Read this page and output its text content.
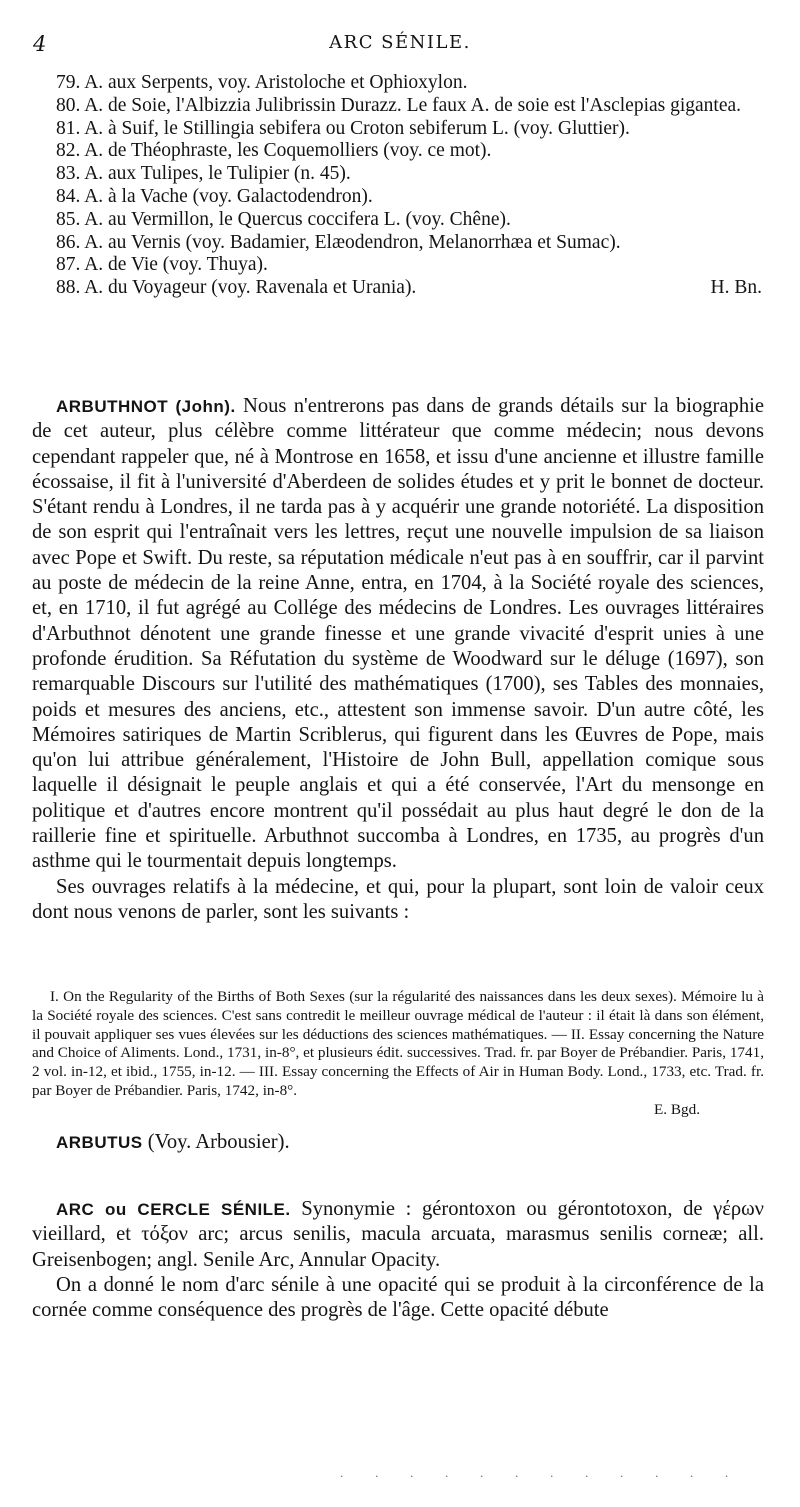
4	ARC SÉNILE.
79. A. aux Serpents, voy. Aristoloche et Ophioxylon.
80. A. de Soie, l'Albizzia Julibrissin Durazz. Le faux A. de soie est l'Asclepias gigantea.
81. A. à Suif, le Stillingia sebifera ou Croton sebiferum L. (voy. Gluttier).
82. A. de Théophraste, les Coquemolliers (voy. ce mot).
83. A. aux Tulipes, le Tulipier (n. 45).
84. A. à la Vache (voy. Galactodendron).
85. A. au Vermillon, le Quercus coccifera L. (voy. Chêne).
86. A. au Vernis (voy. Badamier, Elæodendron, Melanorrhæa et Sumac).
87. A. de Vie (voy. Thuya).
88. A. du Voyageur (voy. Ravenala et Urania).	H. Bn.

ARBUTHNOT (John). Nous n'entrerons pas dans de grands détails sur la biographie de cet auteur, plus célèbre comme littérateur que comme médecin; nous devons cependant rappeler que, né à Montrose en 1658, et issu d'une ancienne et illustre famille écossaise, il fit à l'université d'Aberdeen de solides études et y prit le bonnet de docteur. S'étant rendu à Londres, il ne tarda pas à y acquérir une grande notoriété. La disposition de son esprit qui l'entraînait vers les lettres, reçut une nouvelle impulsion de sa liaison avec Pope et Swift. Du reste, sa réputation médicale n'eut pas à en souffrir, car il parvint au poste de médecin de la reine Anne, entra, en 1704, à la Société royale des sciences, et, en 1710, il fut agrégé au Collége des médecins de Londres. Les ouvrages littéraires d'Arbuthnot dénotent une grande finesse et une grande vivacité d'esprit unies à une profonde érudition. Sa Réfutation du système de Woodward sur le déluge (1697), son remarquable Discours sur l'utilité des mathématiques (1700), ses Tables des monnaies, poids et mesures des anciens, etc., attestent son immense savoir. D'un autre côté, les Mémoires satiriques de Martin Scriblerus, qui figurent dans les Œuvres de Pope, mais qu'on lui attribue généralement, l'Histoire de John Bull, appellation comique sous laquelle il désignait le peuple anglais et qui a été conservée, l'Art du mensonge en politique et d'autres encore montrent qu'il possédait au plus haut degré le don de la raillerie fine et spirituelle. Arbuthnot succomba à Londres, en 1735, au progrès d'un asthme qui le tourmentait depuis longtemps.

Ses ouvrages relatifs à la médecine, et qui, pour la plupart, sont loin de valoir ceux dont nous venons de parler, sont les suivants :

I. On the Regularity of the Births of Both Sexes (sur la régularité des naissances dans les deux sexes). Mémoire lu à la Société royale des sciences. C'est sans contredit le meilleur ouvrage médical de l'auteur : il était là dans son élément, il pouvait appliquer ses vues élevées sur les déductions des sciences mathématiques. — II. Essay concerning the Nature and Choice of Aliments. Lond., 1731, in-8°, et plusieurs édit. successives. Trad. fr. par Boyer de Prébandier. Paris, 1741, 2 vol. in-12, et ibid., 1755, in-12. — III. Essay concerning the Effects of Air in Human Body. Lond., 1733, etc. Trad. fr. par Boyer de Prébandier. Paris, 1742, in-8°.

E. Bgd.

ARBUTUS (Voy. Arbousier).

ARC ou CERCLE SÉNILE. Synonymie : gérontoxon ou gérontotoxon, de γέρων vieillard, et τόξον arc; arcus senilis, macula arcuata, marasmus senilis corneæ; all. Greisenbogen; angl. Senile Arc, Annular Opacity.

On a donné le nom d'arc sénile à une opacité qui se produit à la circonférence de la cornée comme conséquence des progrès de l'âge. Cette opacité débute

· · · · · · · · · · · ·
